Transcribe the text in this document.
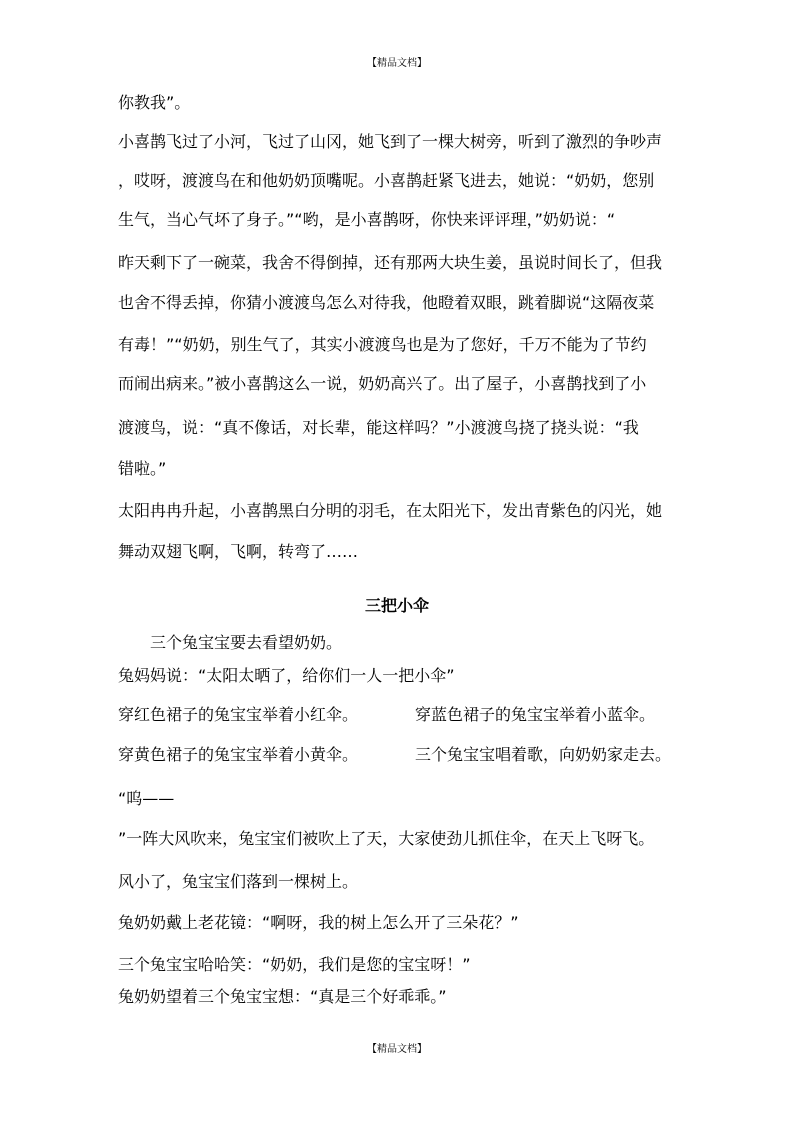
【精品文档】
你教我”。
小喜鹊飞过了小河，飞过了山冈，她飞到了一棵大树旁，听到了激烈的争吵声
，哎呀，渡渡鸟在和他奶奶顶嘴呢。小喜鹊赶紧飞进去，她说：“奶奶，您别
生气，当心气坏了身子。”“哟，是小喜鹊呀，你快来评评理，”奶奶说：“
昨天剩下了一碗菜，我舍不得倒掉，还有那两大块生姜，虽说时间长了，但我
也舍不得丢掉，你猜小渡渡鸟怎么对待我，他瞪着双眼，跳着脚说“这隔夜菜
有毒！”“奶奶，别生气了，其实小渡渡鸟也是为了您好，千万不能为了节约
而闹出病来。”被小喜鹊这么一说，奶奶高兴了。出了屋子，小喜鹊找到了小
渡渡鸟，说：“真不像话，对长辈，能这样吗？”小渡渡鸟挠了挠头说：“我
错啦。”
太阳冉冉升起，小喜鹊黑白分明的羽毛，在太阳光下，发出青紫色的闪光，她
舞动双翅飞啊，飞啊，转弯了……
三把小伞
三个兔宝宝要去看望奶奶。
兔妈妈说：“太阳太晒了，给你们一人一把小伞”
穿红色裙子的兔宝宝举着小红伞。	穿蓝色裙子的兔宝宝举着小蓝伞。
穿黄色裙子的兔宝宝举着小黄伞。	三个兔宝宝唱着歌，向奶奶家走去。
“呜——
”一阵大风吹来，兔宝宝们被吹上了天，大家使劲儿抓住伞，在天上飞呀飞。
风小了，兔宝宝们落到一棵树上。
兔奶奶戴上老花镜：“啊呀，我的树上怎么开了三朵花？”
三个兔宝宝哈哈笑：“奶奶，我们是您的宝宝呀！”
兔奶奶望着三个兔宝宝想：“真是三个好乖乖。”
【精品文档】
